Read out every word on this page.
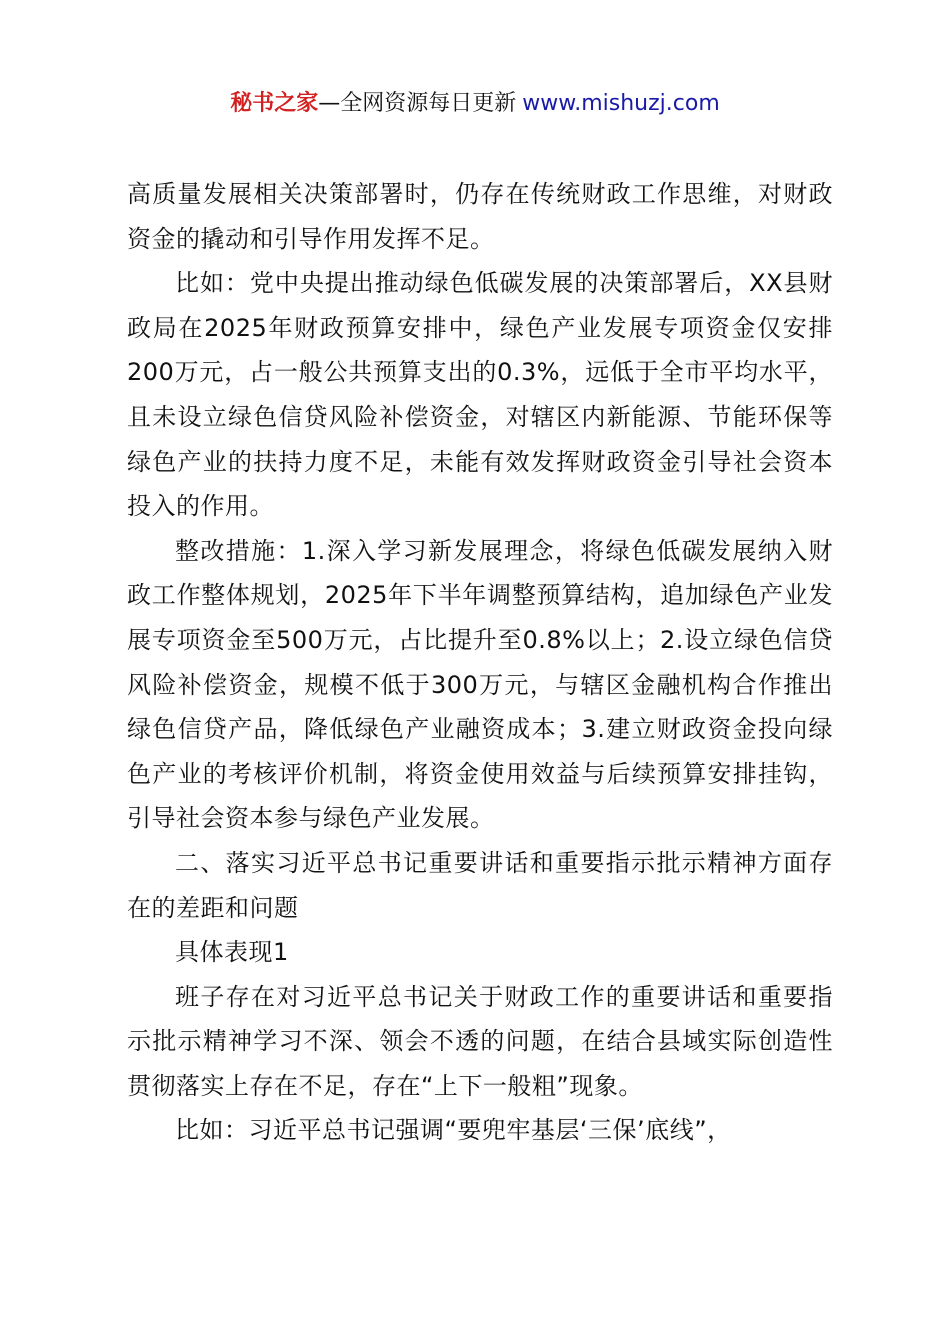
秘书之家—全网资源每日更新 www.mishuzj.com

高质量发展相关决策部署时，仍存在传统财政工作思维，对财政资金的撬动和引导作用发挥不足。

比如：党中央提出推动绿色低碳发展的决策部署后，XX县财政局在2025年财政预算安排中，绿色产业发展专项资金仅安排200万元，占一般公共预算支出的0.3%，远低于全市平均水平，且未设立绿色信贷风险补偿资金，对辖区内新能源、节能环保等绿色产业的扶持力度不足，未能有效发挥财政资金引导社会资本投入的作用。

整改措施：1.深入学习新发展理念，将绿色低碳发展纳入财政工作整体规划，2025年下半年调整预算结构，追加绿色产业发展专项资金至500万元，占比提升至0.8%以上；2.设立绿色信贷风险补偿资金，规模不低于300万元，与辖区金融机构合作推出绿色信贷产品，降低绿色产业融资成本；3.建立财政资金投向绿色产业的考核评价机制，将资金使用效益与后续预算安排挂钩，引导社会资本参与绿色产业发展。

二、落实习近平总书记重要讲话和重要指示批示精神方面存在的差距和问题

具体表现1

班子存在对习近平总书记关于财政工作的重要讲话和重要指示批示精神学习不深、领会不透的问题，在结合县域实际创造性贯彻落实上存在不足，存在“上下一般粗”现象。

比如：习近平总书记强调“要兜牢基层‘三保’底线”，
